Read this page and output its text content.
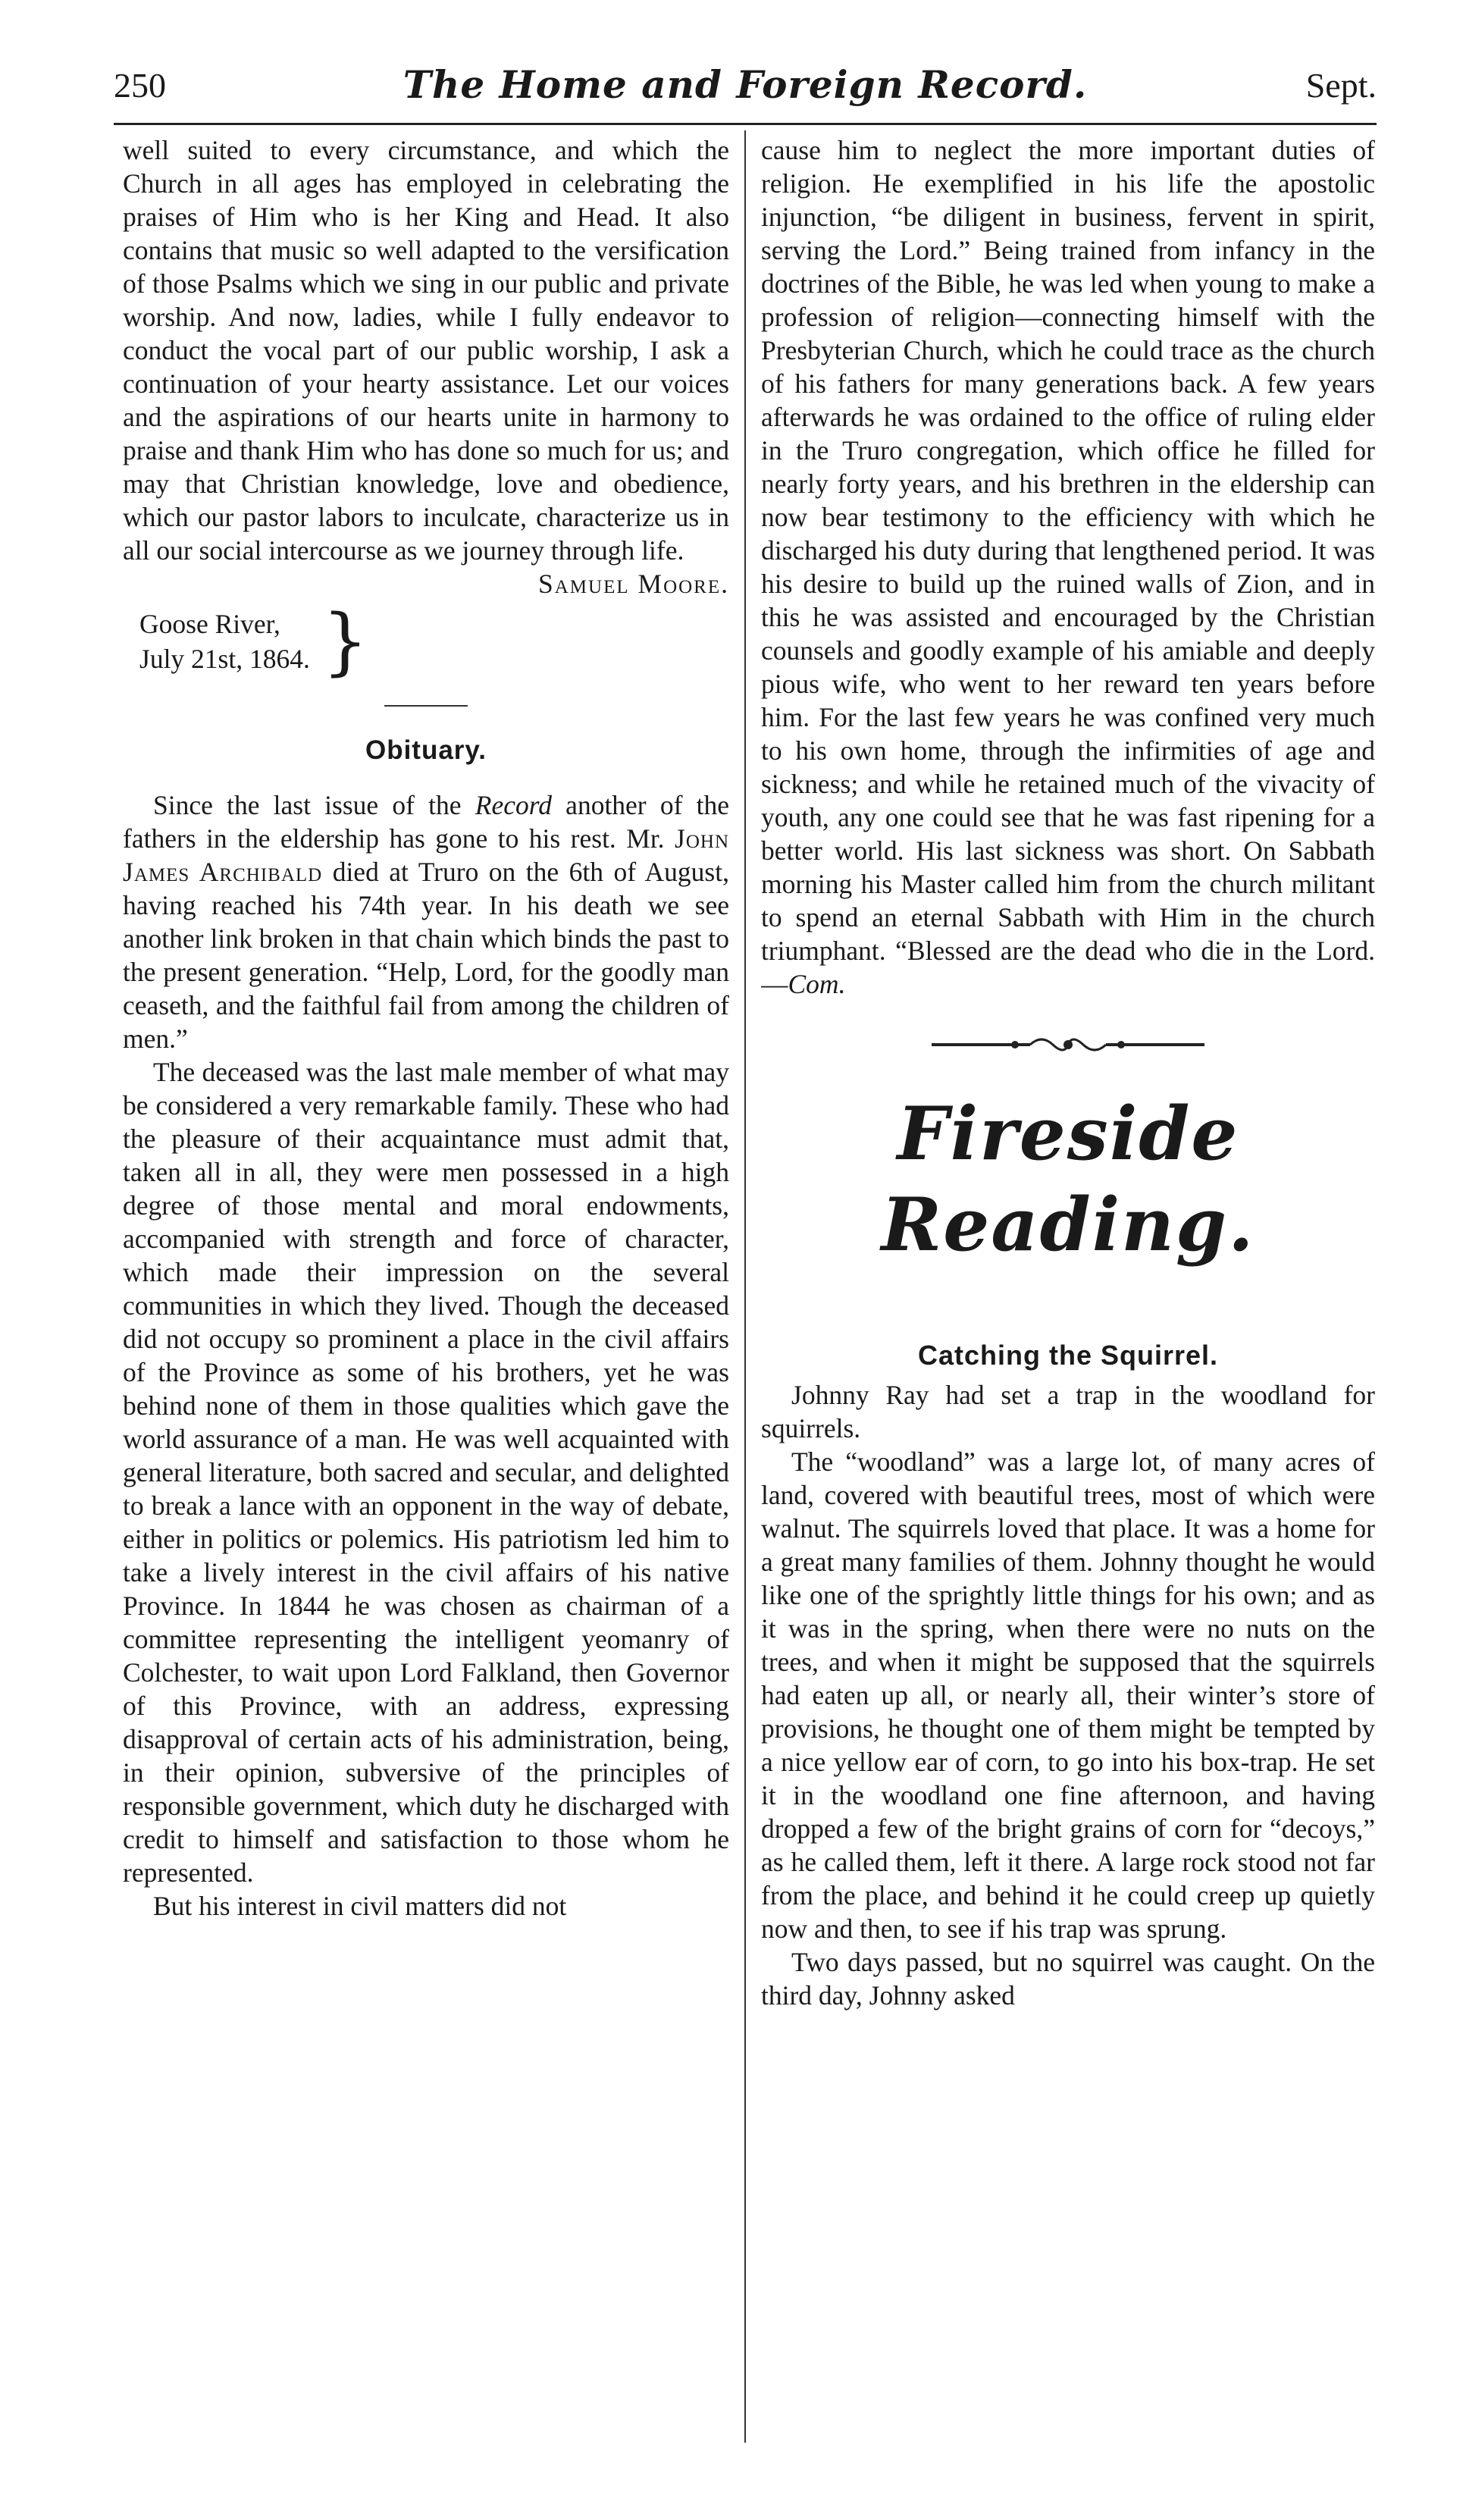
250	The Home and Foreign Record.	Sept.

well suited to every circumstance, and which the Church in all ages has employed in celebrating the praises of Him who is her King and Head. It also contains that music so well adapted to the versification of those Psalms which we sing in our public and private worship. And now, ladies, while I fully endeavor to conduct the vocal part of our public worship, I ask a continuation of your hearty assistance. Let our voices and the aspirations of our hearts unite in harmony to praise and thank Him who has done so much for us; and may that Christian knowledge, love and obedience, which our pastor labors to inculcate, characterize us in all our social intercourse as we journey through life.

Samuel Moore.

Goose River,
July 21st, 1864. }
Obituary.

Since the last issue of the Record another of the fathers in the eldership has gone to his rest. Mr. John James Archibald died at Truro on the 6th of August, having reached his 74th year. In his death we see another link broken in that chain which binds the past to the present generation. “Help, Lord, for the goodly man ceaseth, and the faithful fail from among the children of men.”

The deceased was the last male member of what may be considered a very remarkable family. These who had the pleasure of their acquaintance must admit that, taken all in all, they were men possessed in a high degree of those mental and moral endowments, accompanied with strength and force of character, which made their impression on the several communities in which they lived. Though the deceased did not occupy so prominent a place in the civil affairs of the Province as some of his brothers, yet he was behind none of them in those qualities which gave the world assurance of a man. He was well acquainted with general literature, both sacred and secular, and delighted to break a lance with an opponent in the way of debate, either in politics or polemics. His patriotism led him to take a lively interest in the civil affairs of his native Province. In 1844 he was chosen as chairman of a committee representing the intelligent yeomanry of Colchester, to wait upon Lord Falkland, then Governor of this Province, with an address, expressing disapproval of certain acts of his administration, being, in their opinion, subversive of the principles of responsible government, which duty he discharged with credit to himself and satisfaction to those whom he represented.

But his interest in civil matters did not

cause him to neglect the more important duties of religion. He exemplified in his life the apostolic injunction, “be diligent in business, fervent in spirit, serving the Lord.” Being trained from infancy in the doctrines of the Bible, he was led when young to make a profession of religion—connecting himself with the Presbyterian Church, which he could trace as the church of his fathers for many generations back. A few years afterwards he was ordained to the office of ruling elder in the Truro congregation, which office he filled for nearly forty years, and his brethren in the eldership can now bear testimony to the efficiency with which he discharged his duty during that lengthened period. It was his desire to build up the ruined walls of Zion, and in this he was assisted and encouraged by the Christian counsels and goodly example of his amiable and deeply pious wife, who went to her reward ten years before him. For the last few years he was confined very much to his own home, through the infirmities of age and sickness; and while he retained much of the vivacity of youth, any one could see that he was fast ripening for a better world. His last sickness was short. On Sabbath morning his Master called him from the church militant to spend an eternal Sabbath with Him in the church triumphant. “Blessed are the dead who die in the Lord.—Com.

Fireside Reading.
Catching the Squirrel.

Johnny Ray had set a trap in the woodland for squirrels.

The “woodland” was a large lot, of many acres of land, covered with beautiful trees, most of which were walnut. The squirrels loved that place. It was a home for a great many families of them. Johnny thought he would like one of the sprightly little things for his own; and as it was in the spring, when there were no nuts on the trees, and when it might be supposed that the squirrels had eaten up all, or nearly all, their winter’s store of provisions, he thought one of them might be tempted by a nice yellow ear of corn, to go into his box-trap. He set it in the woodland one fine afternoon, and having dropped a few of the bright grains of corn for “decoys,” as he called them, left it there. A large rock stood not far from the place, and behind it he could creep up quietly now and then, to see if his trap was sprung.

Two days passed, but no squirrel was caught. On the third day, Johnny asked
